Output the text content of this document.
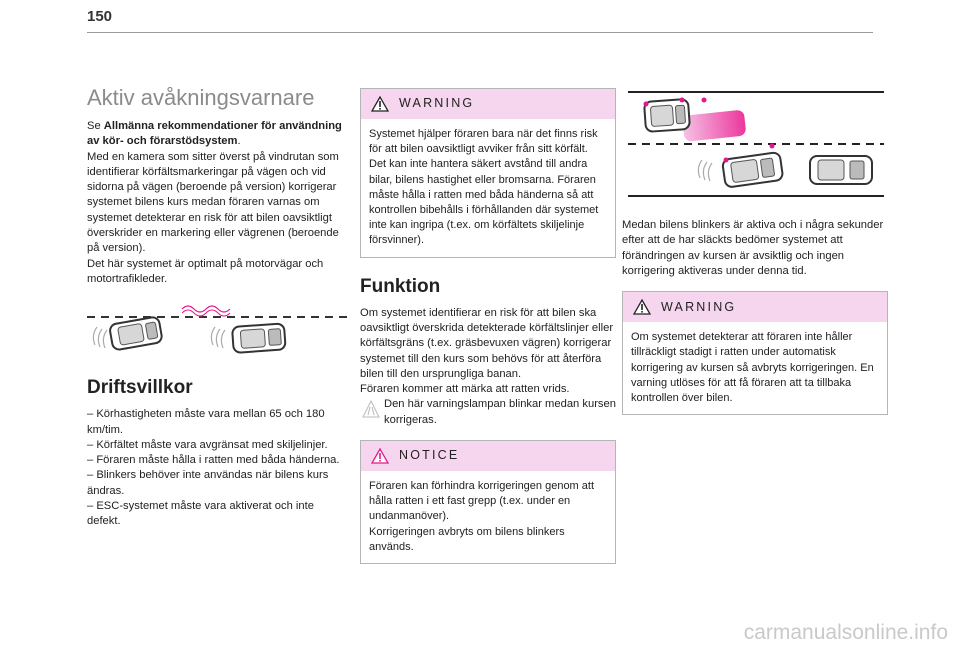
150
Aktiv avåkningsvarnare

Se Allmänna rekommendationer för användning av kör- och förarstödsystem.

Med en kamera som sitter överst på vindrutan som identifierar körfältsmarkeringar på vägen och vid sidorna på vägen (beroende på version) korrigerar systemet bilens kurs medan föraren varnas om systemet detekterar en risk för att bilen oavsiktligt överskrider en markering eller vägrenen (beroende på version).

Det här systemet är optimalt på motorvägar och motortrafikleder.

Driftsvillkor

– Körhastigheten måste vara mellan 65 och 180 km/tim.

– Körfältet måste vara avgränsat med skiljelinjer.

– Föraren måste hålla i ratten med båda händerna.

– Blinkers behöver inte användas när bilens kurs ändras.

– ESC-systemet måste vara aktiverat och inte defekt.

WARNING
Systemet hjälper föraren bara när det finns risk för att bilen oavsiktligt avviker från sitt körfält. Det kan inte hantera säkert avstånd till andra bilar, bilens hastighet eller bromsarna. Föraren måste hålla i ratten med båda händerna så att kontrollen bibehålls i förhållanden där systemet inte kan ingripa (t.ex. om körfältets skiljelinje försvinner).
Funktion

Om systemet identifierar en risk för att bilen ska oavsiktligt överskrida detekterade körfältslinjer eller körfältsgräns (t.ex. gräsbevuxen vägren) korrigerar systemet till den kurs som behövs för att återföra bilen till den ursprungliga banan.

Föraren kommer att märka att ratten vrids.

Den här varningslampan blinkar medan kursen korrigeras.
NOTICE

Föraren kan förhindra korrigeringen genom att hålla ratten i ett fast grepp (t.ex. under en undanmanöver).

Korrigeringen avbryts om bilens blinkers används.

Medan bilens blinkers är aktiva och i några sekunder efter att de har släckts bedömer systemet att förändringen av kursen är avsiktlig och ingen korrigering aktiveras under denna tid.

WARNING
Om systemet detekterar att föraren inte håller tillräckligt stadigt i ratten under automatisk korrigering av kursen så avbryts korrigeringen. En varning utlöses för att få föraren att ta tillbaka kontrollen över bilen.
carmanualsonline.info
